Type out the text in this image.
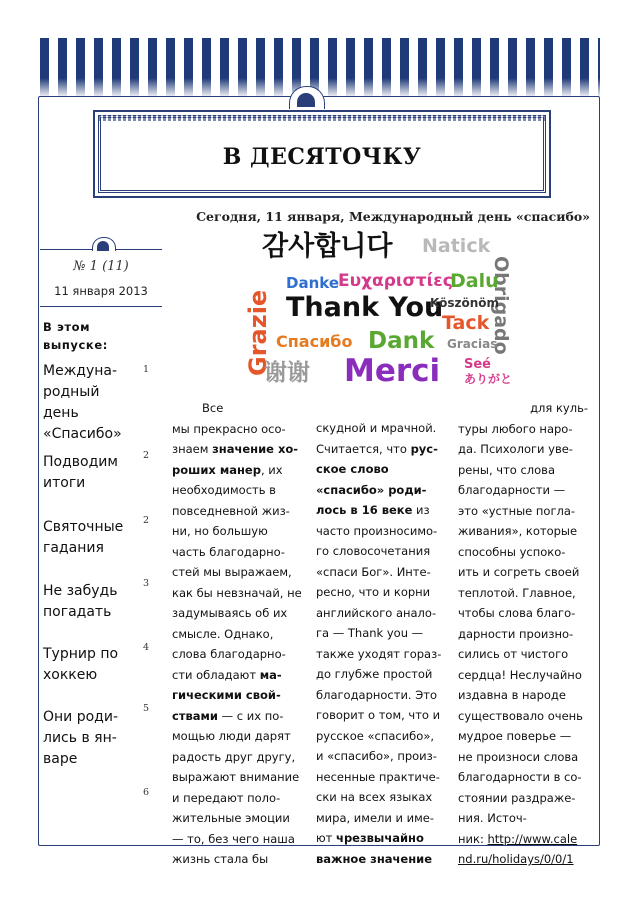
В ДЕСЯТОЧКУ
Сегодня, 11 января, Международный день «спасибо»
№ 1 (11)
11 января 2013
В этом выпуске:
Междуна-родный день «Спасибо»
1
Подводим итоги
2
Святочные гадания
2
Не забудь погадать
3
Турнир по хоккею
4
Они роди-лись в ян-варе
5
6
감사합니다 Natick
Obrigado
Danke Ευχαριστίες
Dalu
Grazie Thank You
Köszönöm
Tack
Спасибо Dank Gracias
谢谢 Merci Seé
ありがと

Все

мы прекрасно осо-

знаем значение хо-

роших манер, их

необходимость в

повседневной жиз-

ни, но большую

часть благодарно-

стей мы выражаем,

как бы невзначай, не

задумываясь об их

смысле. Однако,

слова благодарно-

сти обладают ма-

гическими свой-

ствами — с их по-

мощью люди дарят

радость друг другу,

выражают внимание

и передают поло-

жительные эмоции

— то, без чего наша

жизнь стала бы

скудной и мрачной.

Считается, что рус-

ское слово

«спасибо» роди-

лось в 16 веке из

часто произносимо-

го словосочетания

«спаси Бог». Инте-

ресно, что и корни

английского анало-

га — Thank you —

также уходят гораз-

до глубже простой

благодарности. Это

говорит о том, что и

русское «спасибо»,

и «спасибо», произ-

несенные практиче-

ски на всех языках

мира, имели и име-

ют чрезвычайно

важное значение

для куль-

туры любого наро-

да. Психологи уве-

рены, что слова

благодарности —

это «устные погла-

живания», которые

способны успоко-

ить и согреть своей

теплотой. Главное,

чтобы слова благо-

дарности произно-

сились от чистого

сердца! Неслучайно

издавна в народе

существовало очень

мудрое поверье —

не произноси слова

благодарности в со-

стоянии раздраже-

ния. Источ-

ник: http://www.cale

nd.ru/holidays/0/0/1
